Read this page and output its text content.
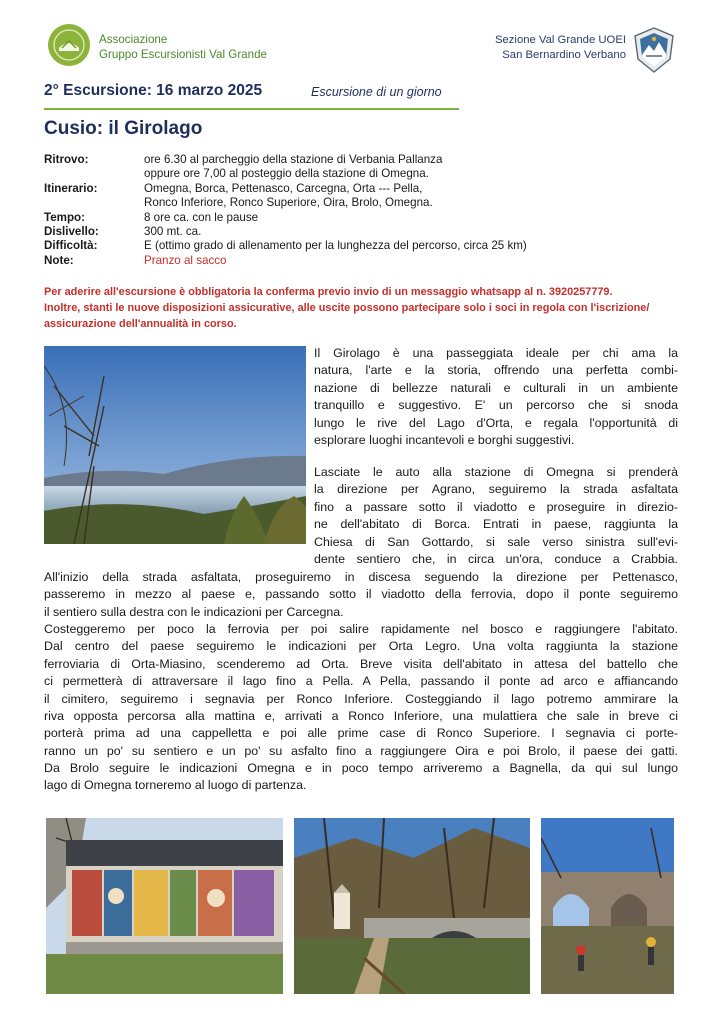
Associazione
Gruppo Escursionisti Val Grande
Sezione Val Grande UOEI
San Bernardino Verbano
2° Escursione: 16 marzo 2025	Escursione di un giorno
Cusio: il Girolago
Ritrovo:	ore 6.30 al parcheggio della stazione di Verbania Pallanza
oppure ore 7,00 al posteggio della stazione di Omegna.
Itinerario:	Omegna, Borca, Pettenasco, Carcegna, Orta --- Pella,
Ronco Inferiore, Ronco Superiore, Oira, Brolo, Omegna.
Tempo:	8 ore ca. con le pause
Dislivello:	300 mt. ca.
Difficoltà:	E (ottimo grado di allenamento per la lunghezza del percorso, circa 25 km)
Note:	Pranzo al sacco
Per aderire all'escursione è obbligatoria la conferma previo invio di un messaggio whatsapp al n. 3920257779.
Inoltre, stanti le nuove disposizioni assicurative, alle uscite possono partecipare solo i soci in regola con l'iscrizione/
assicurazione dell'annualità in corso.
Il Girolago è una passeggiata ideale per chi ama la
natura, l'arte e la storia, offrendo una perfetta combi-
nazione di bellezze naturali e culturali in un ambiente
tranquillo e suggestivo. E' un percorso che si snoda
lungo le rive del Lago d'Orta, e regala l'opportunità di
esplorare luoghi incantevoli e borghi suggestivi.
Lasciate le auto alla stazione di Omegna si prenderà
la direzione per Agrano, seguiremo la strada asfaltata
fino a passare sotto il viadotto e proseguire in direzio-
ne dell'abitato di Borca. Entrati in paese, raggiunta la
Chiesa di San Gottardo, si sale verso sinistra sull'evi-
dente sentiero che, in circa un'ora, conduce a Crabbia.
All'inizio della strada asfaltata, proseguiremo in discesa seguendo la direzione per Pettenasco,
passeremo in mezzo al paese e, passando sotto il viadotto della ferrovia, dopo il ponte seguiremo
il sentiero sulla destra con le indicazioni per Carcegna.
Costeggeremo per poco la ferrovia per poi salire rapidamente nel bosco e raggiungere l'abitato.
Dal centro del paese seguiremo le indicazioni per Orta Legro. Una volta raggiunta la stazione
ferroviaria di Orta-Miasino, scenderemo ad Orta. Breve visita dell'abitato in attesa del battello che
ci permetterà di attraversare il lago fino a Pella. A Pella, passando il ponte ad arco e affiancando
il cimitero, seguiremo i segnavia per Ronco Inferiore. Costeggiando il lago potremo ammirare la
riva opposta percorsa alla mattina e, arrivati a Ronco Inferiore, una mulattiera che sale in breve ci
porterà prima ad una cappelletta e poi alle prime case di Ronco Superiore. I segnavia ci porte-
ranno un po' su sentiero e un po' su asfalto fino a raggiungere Oira e poi Brolo, il paese dei gatti.
Da Brolo seguire le indicazioni Omegna e in poco tempo arriveremo a Bagnella, da qui sul lungo
lago di Omegna torneremo al luogo di partenza.
